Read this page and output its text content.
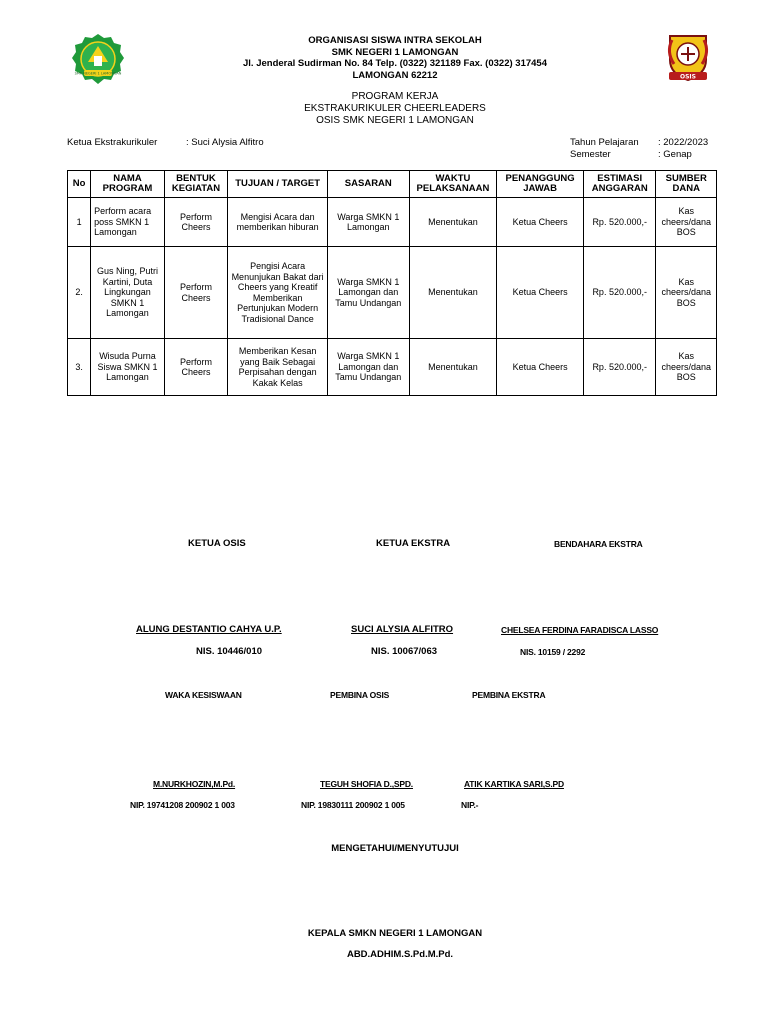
SMK NEGERI 1 LAMONGAN	OSIS
ORGANISASI SISWA INTRA SEKOLAH
SMK NEGERI 1 LAMONGAN
Jl. Jenderal Sudirman No. 84 Telp. (0322) 321189 Fax. (0322) 317454
LAMONGAN 62212
PROGRAM KERJA
EKSTRAKURIKULER CHEERLEADERS
OSIS SMK NEGERI 1 LAMONGAN
Ketua Ekstrakurikuler	: Suci Alysia Alfitro	Tahun Pelajaran : 2022/2023
Semester	: Genap
No	NAMA PROGRAM	BENTUK KEGIATAN	TUJUAN / TARGET	SASARAN	WAKTU PELAKSANAAN	PENANGGUNG JAWAB	ESTIMASI ANGGARAN	SUMBER DANA
1	Perform acara poss SMKN 1 Lamongan	Perform Cheers	Mengisi Acara dan memberikan hiburan	Warga SMKN 1 Lamongan	Menentukan	Ketua Cheers	Rp. 520.000,-	Kas cheers/dana BOS
2.	Gus Ning, Putri Kartini, Duta Lingkungan SMKN 1 Lamongan	Perform Cheers	Pengisi Acara Menunjukan Bakat dari Cheers yang Kreatif Memberikan Pertunjukan Modern Tradisional Dance	Warga SMKN 1 Lamongan dan Tamu Undangan	Menentukan	Ketua Cheers	Rp. 520.000,-	Kas cheers/dana BOS
3.	Wisuda Purna Siswa SMKN 1 Lamongan	Perform Cheers	Memberikan Kesan yang Baik Sebagai Perpisahan dengan Kakak Kelas	Warga SMKN 1 Lamongan dan Tamu Undangan	Menentukan	Ketua Cheers	Rp. 520.000,-	Kas cheers/dana BOS
KETUA OSIS	KETUA EKSTRA	BENDAHARA EKSTRA
ALUNG DESTANTIO CAHYA U.P.	SUCI ALYSIA ALFITRO	CHELSEA FERDINA FARADISCA LASSO
NIS. 10446/010	NIS. 10067/063	NIS. 10159 / 2292
WAKA KESISWAAN	PEMBINA OSIS	PEMBINA EKSTRA
M.NURKHOZIN,M.Pd.	TEGUH SHOFIA D.,SPD.	ATIK KARTIKA SARI,S.PD
NIP. 19741208 200902 1 003	NIP. 19830111 200902 1 005	NIP.-
MENGETAHUI/MENYUTUJUI
KEPALA SMKN NEGERI 1 LAMONGAN
ABD.ADHIM.S.Pd.M.Pd.
